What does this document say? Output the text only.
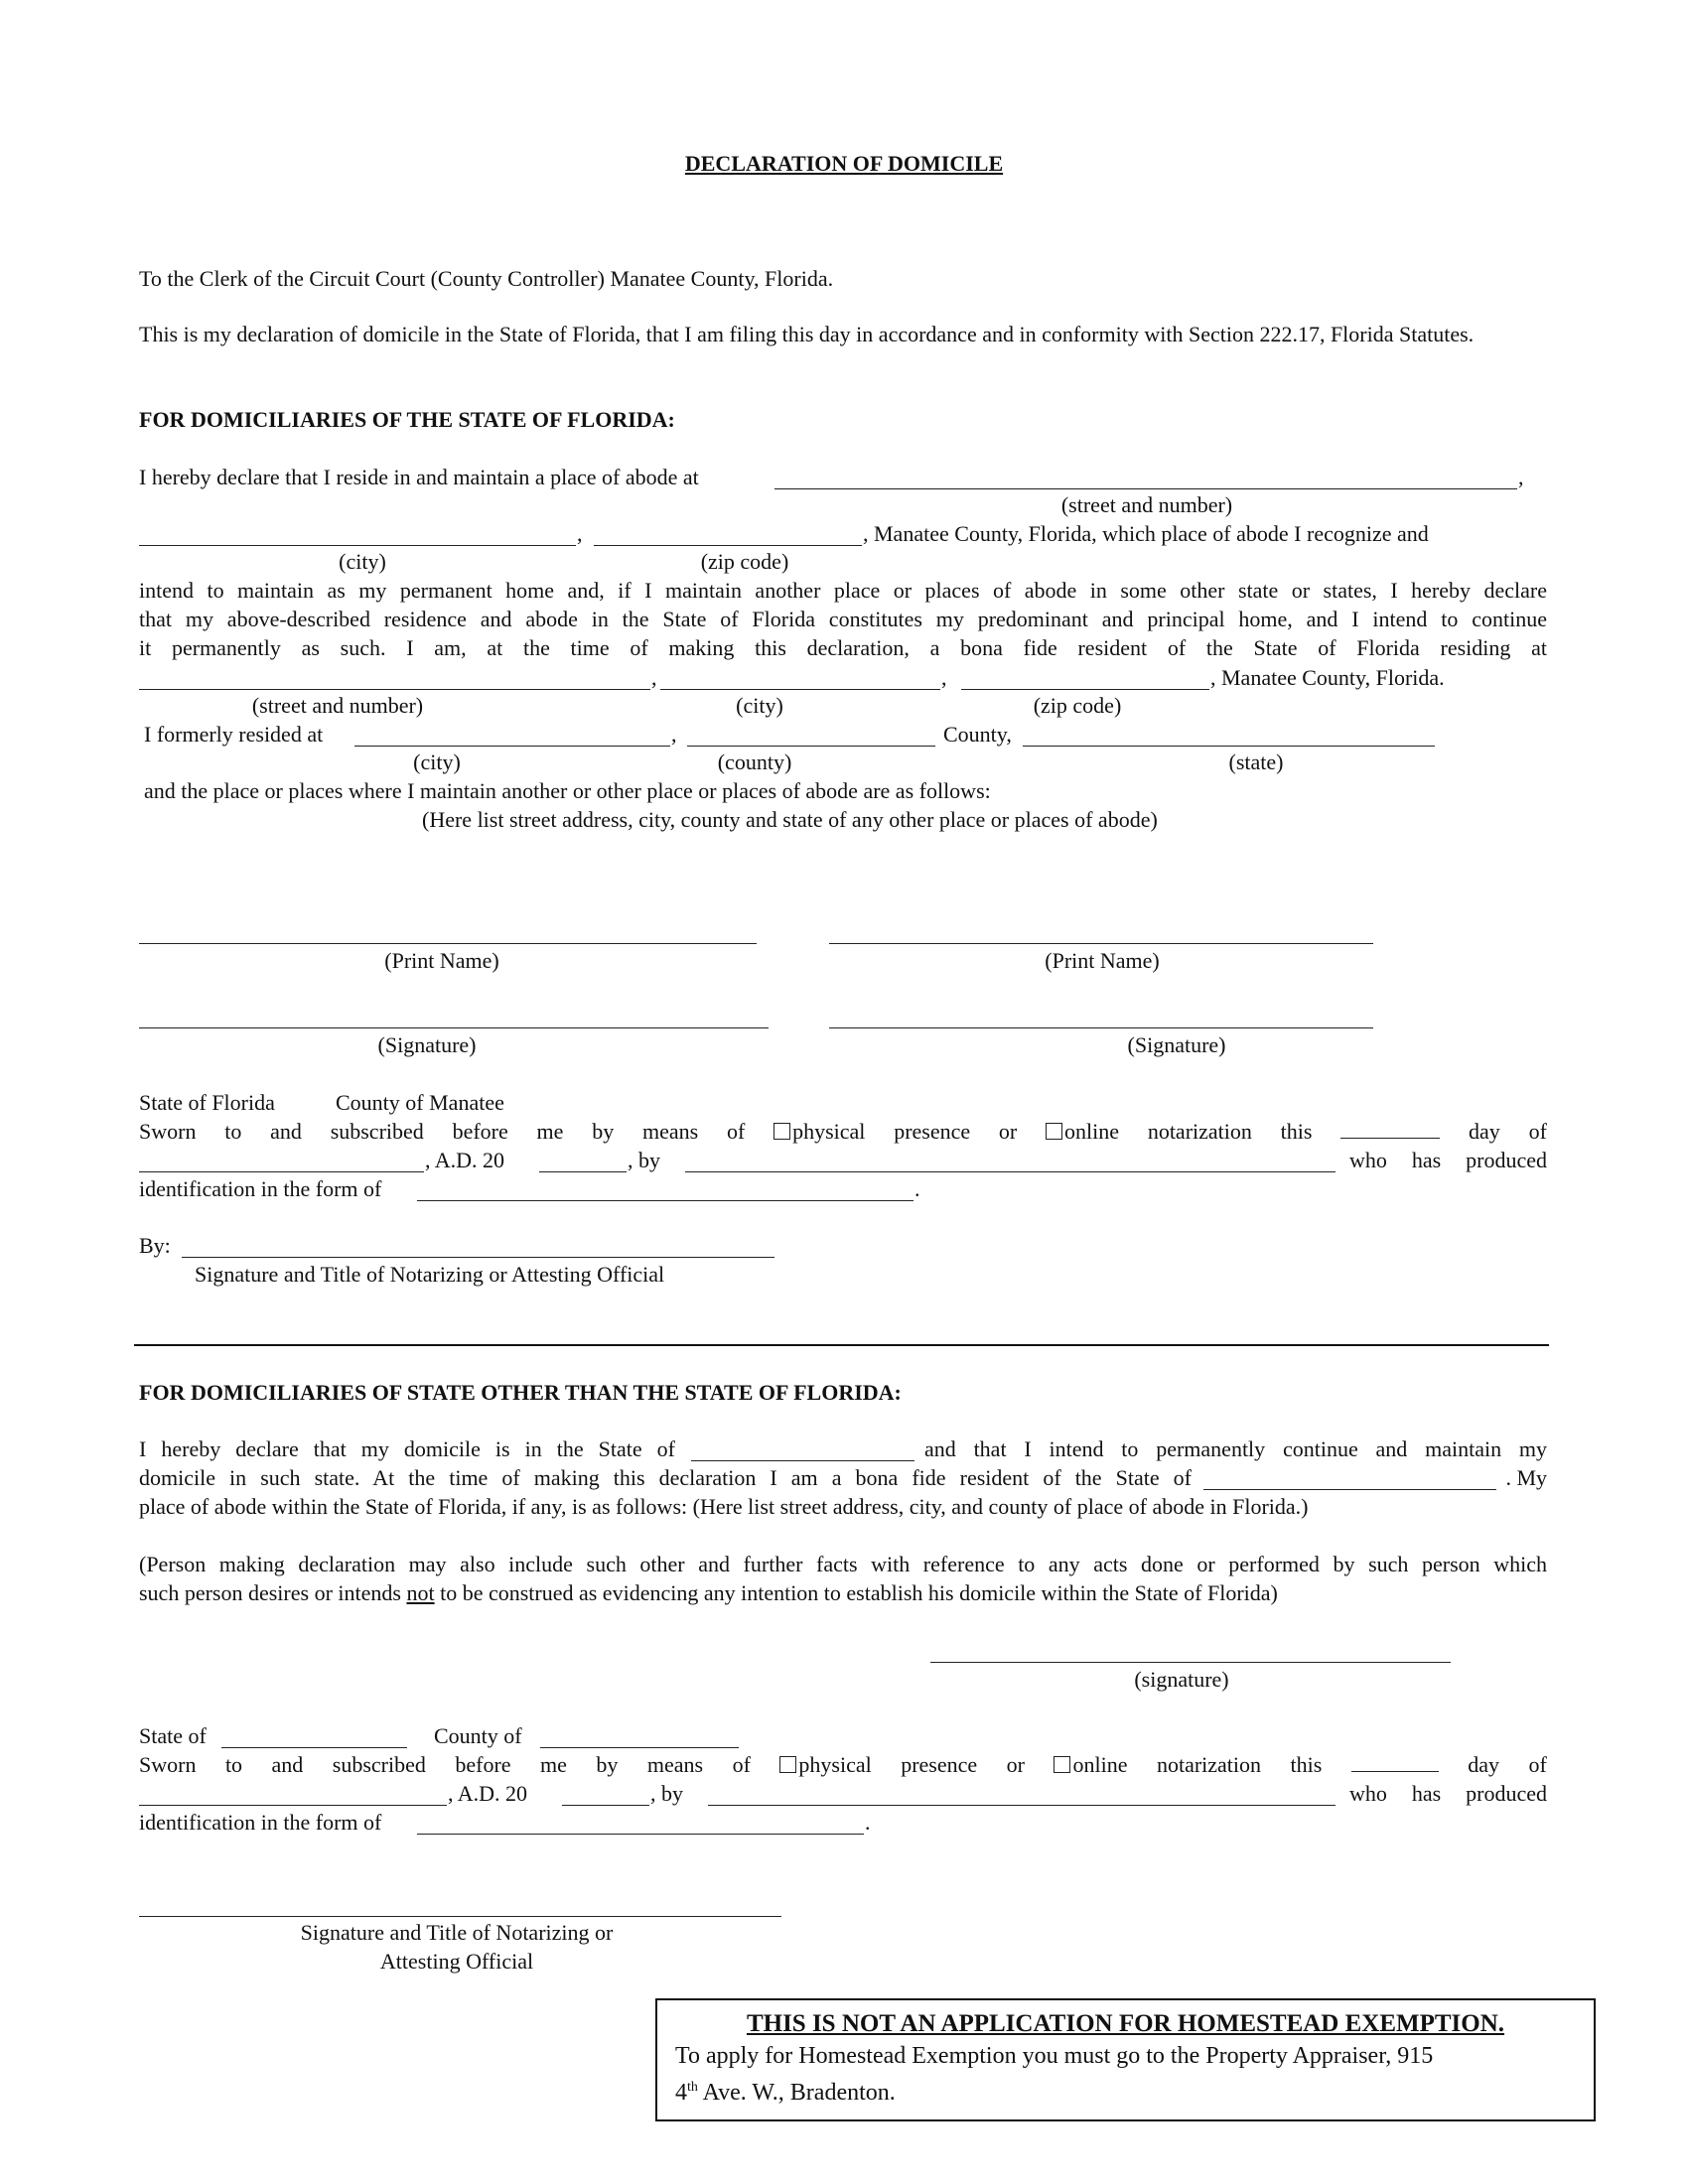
DECLARATION OF DOMICILE
To the Clerk of the Circuit Court (County Controller) Manatee County, Florida.
This is my declaration of domicile in the State of Florida, that I am filing this day in accordance and in conformity with Section 222.17, Florida Statutes.
FOR DOMICILIARIES OF THE STATE OF FLORIDA:
I hereby declare that I reside in and maintain a place of abode at	,
(street and number)
,	, Manatee County, Florida, which place of abode I recognize and
(city)	(zip code)
intend to maintain as my permanent home and, if I maintain another place or places of abode in some other state or states, I hereby declare
that my above-described residence and abode in the State of Florida constitutes my predominant and principal home, and I intend to continue
it permanently as such. I am, at the time of making this declaration, a bona fide resident of the State of Florida residing at
,	,	, Manatee County, Florida.
(street and number)	(city)	(zip code)
I formerly resided at	,	County,
(city)	(county)	(state)
and the place or places where I maintain another or other place or places of abode are as follows:
(Here list street address, city, county and state of any other place or places of abode)
(Print Name)	(Print Name)
(Signature)	(Signature)
State of Florida	County of Manatee
Sworn to and subscribed before me by means of	physical presence or	online notarization this	day of
, A.D. 20	, by	who has produced
identification in the form of	.
By:
Signature and Title of Notarizing or Attesting Official
FOR DOMICILIARIES OF STATE OTHER THAN THE STATE OF FLORIDA:
I hereby declare that my domicile is in the State of	and that I intend to permanently continue and maintain my
domicile in such state. At the time of making this declaration I am a bona fide resident of the State of	. My
place of abode within the State of Florida, if any, is as follows: (Here list street address, city, and county of place of abode in Florida.)
(Person making declaration may also include such other and further facts with reference to any acts done or performed by such person which
such person desires or intends not to be construed as evidencing any intention to establish his domicile within the State of Florida)
(signature)
State of	County of
Sworn to and subscribed before me by means of	physical presence or	online notarization this	day of
, A.D. 20	, by	who has produced
identification in the form of	.
Signature and Title of Notarizing or
Attesting Official
THIS IS NOT AN APPLICATION FOR HOMESTEAD EXEMPTION.
To apply for Homestead Exemption you must go to the Property Appraiser, 915
4th Ave. W., Bradenton.
